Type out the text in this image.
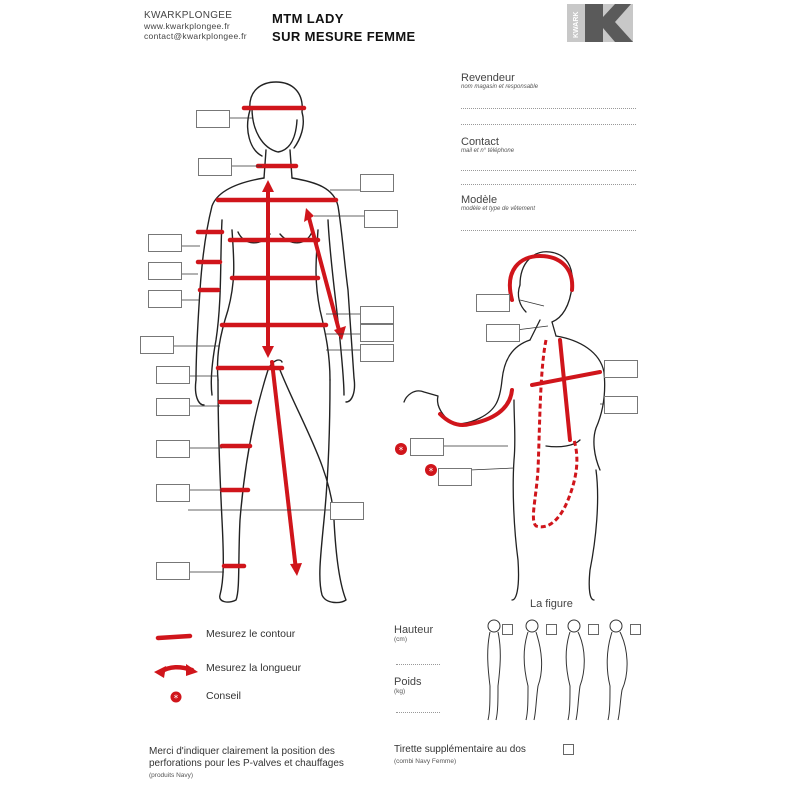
KWARKPLONGEE
www.kwarkplongee.fr
contact@kwarkplongee.fr
MTM LADY
SUR MESURE FEMME	KWARK
Revendeur
nom magasin et responsable
Contact
mail et n° téléphone
Modèle
modèle et type de vêtement
*
*
*
Mesurez le contour
Mesurez la longueur
Conseil
Hauteur
(cm)
Poids
(kg)
La figure
Merci d'indiquer clairement la position des
perforations pour les P-valves et chauffages
(produits Navy)
Tirette supplémentaire au dos
(combi Navy Femme)
